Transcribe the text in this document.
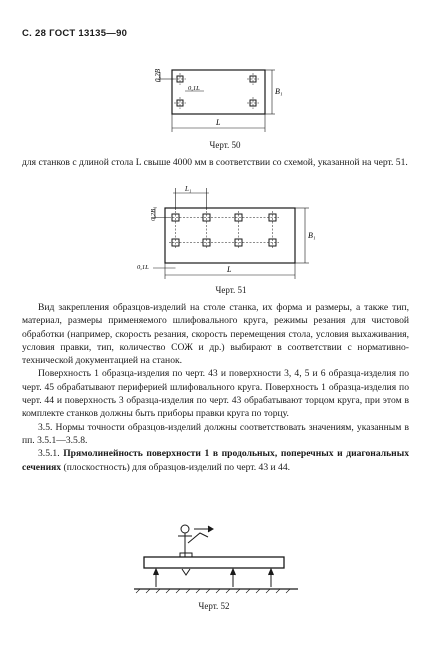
С. 28 ГОСТ 13135—90
0,2B
0,1L	B₁
L
Черт. 50
для станков с длиной стола L свыше 4000 мм в соответствии со схемой, указанной на черт. 51.
L₁
0,2B₁
0,1L
B₁
L
Черт. 51

Вид закрепления образцов-изделий на столе станка, их форма и размеры, а также тип, материал, размеры применяемого шлифовального круга, режимы резания для чистовой обработки (например, скорость резания, скорость перемещения стола, условия выхаживания, условия правки, тип, количество СОЖ и др.) выбирают в соответствии с нормативно-технической документацией на станок.

Поверхность 1 образца-изделия по черт. 43 и поверхности 3, 4, 5 и 6 образца-изделия по черт. 45 обрабатывают периферией шлифовального круга. Поверхность 1 образца-изделия по черт. 44 и поверхность 3 образца-изделия по черт. 43 обрабатывают торцом круга, при этом в комплекте станков должны быть приборы правки круга по торцу.

3.5. Нормы точности образцов-изделий должны соответствовать значениям, указанным в пп. 3.5.1—3.5.8.

3.5.1. Прямолинейность поверхности 1 в продольных, поперечных и диагональных сечениях (плоскостность) для образцов-изделий по черт. 43 и 44.

Черт. 52
